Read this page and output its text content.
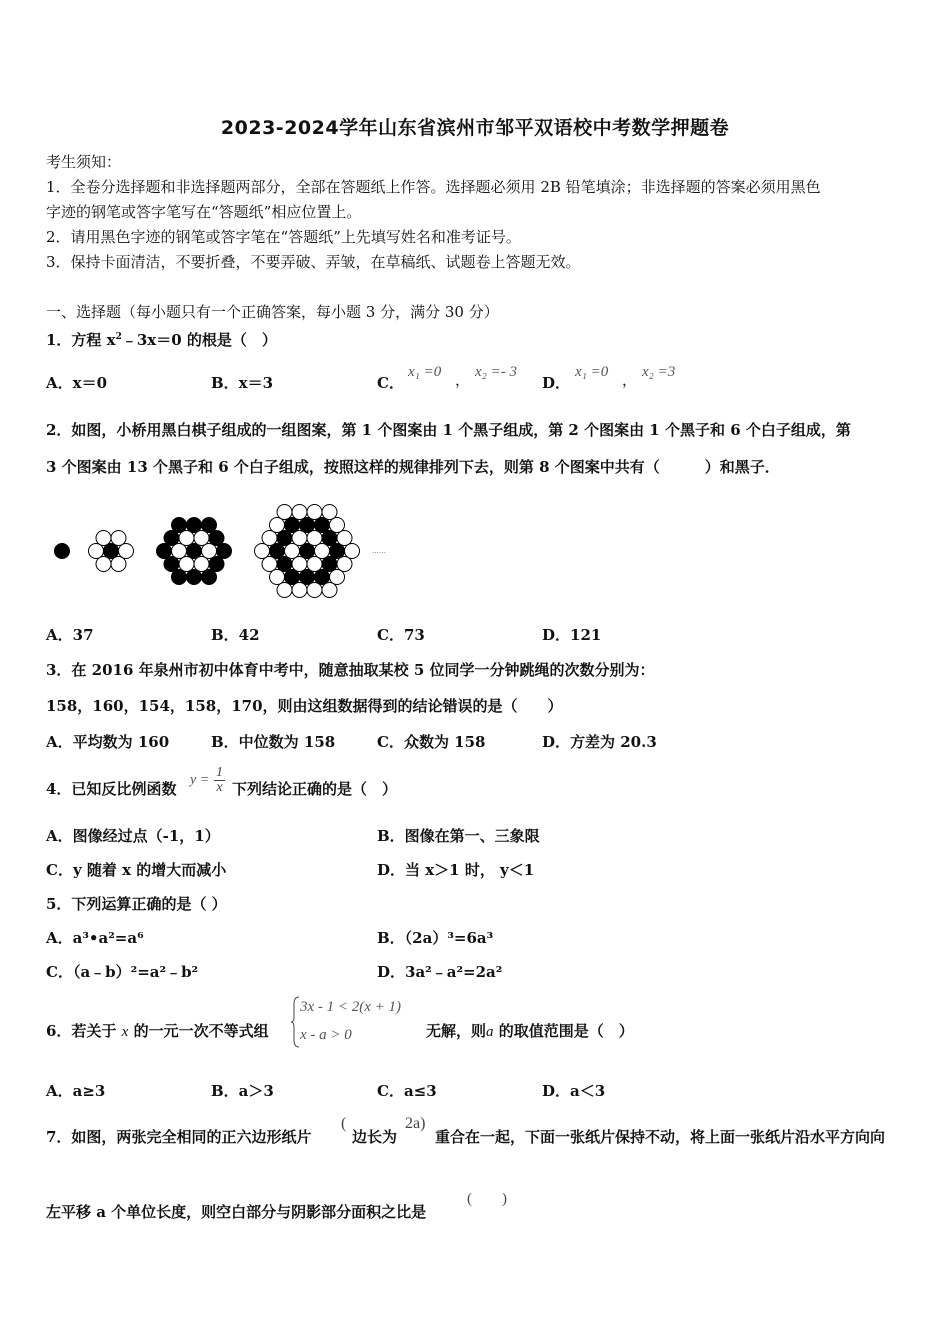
2023-2024学年山东省滨州市邹平双语校中考数学押题卷
考生须知：
1．全卷分选择题和非选择题两部分，全部在答题纸上作答。选择题必须用 2B 铅笔填涂；非选择题的答案必须用黑色
字迹的钢笔或答字笔写在“答题纸”相应位置上。
2．请用黑色字迹的钢笔或答字笔在“答题纸”上先填写姓名和准考证号。
3．保持卡面清洁，不要折叠，不要弄破、弄皱，在草稿纸、试题卷上答题无效。
一、选择题（每小题只有一个正确答案，每小题 3 分，满分 30 分）
1．方程 $x^2﹣3x=0$ 的根是（　）
A．x＝0	B．x＝3	C．
x₁ =0 ， x₂ =- 3
D．
x₁ =0 ， x₂ =3
2．如图，小桥用黑白棋子组成的一组图案，第 1 个图案由 1 个黑子组成，第 2 个图案由 1 个黑子和 6 个白子组成，第
3 个图案由 13 个黑子和 6 个白子组成，按照这样的规律排列下去，则第 8 个图案中共有（　　　）和黑子．
……
A．37	B．42	C．73	D．121
3．在 2016 年泉州市初中体育中考中，随意抽取某校 5 位同学一分钟跳绳的次数分别为：
158，160，154，158，170，则由这组数据得到的结论错误的是（　　）
A．平均数为 160	B．中位数为 158	C．众数为 158	D．方差为 20.3
4．已知反比例函数 $y = \frac{1}{x}$ 下列结论正确的是（　）
A．图像经过点（-1，1）	B．图像在第一、三象限
C．y 随着 x 的增大而减小	D．当 x＞1 时， y＜1
5．下列运算正确的是（ ）
A．a³•a²=a⁶	B．（2a）³=6a³
C．（a﹣b）²=a²﹣b²	D．3a²﹣a²=2a²
6．若关于 x 的一元一次不等式组
3x - 1 < 2(x + 1)
x - a > 0	无解，则a 的取值范围是（　）
A．a≥3	B．a＞3	C．a≤3	D．a＜3
7．如图，两张完全相同的正六边形纸片
(
边长为
2a)
重合在一起，下面一张纸片保持不动，将上面一张纸片沿水平方向向
左平移 a 个单位长度，则空白部分与阴影部分面积之比是
(　　)
